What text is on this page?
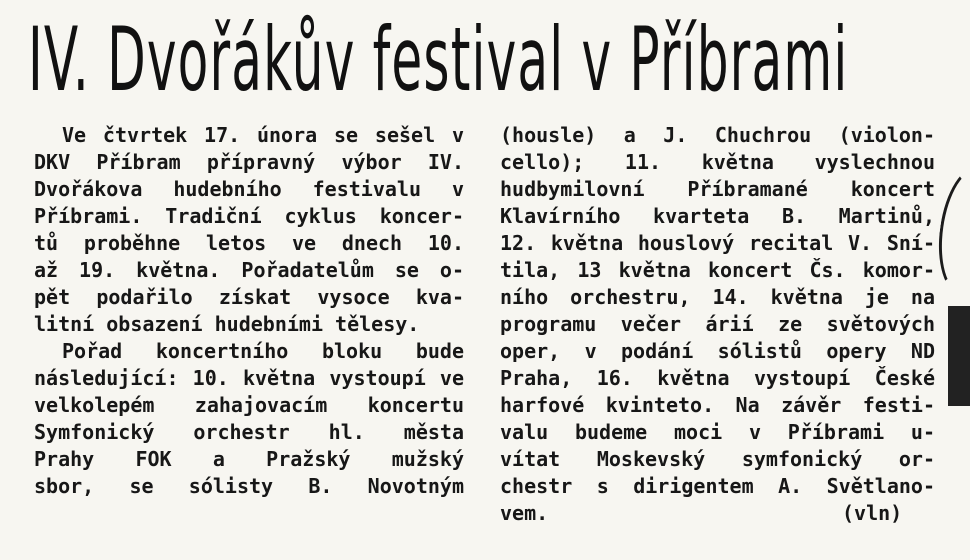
IV. Dvořákův festival v Příbrami
Ve čtvrtek 17. února se sešel v
DKV Příbram přípravný výbor IV.
Dvořákova hudebního festivalu v
Příbrami. Tradiční cyklus koncer-
tů proběhne letos ve dnech 10.
až 19. května. Pořadatelům se o-
pět podařilo získat vysoce kva-
litní obsazení hudebními tělesy.
Pořad koncertního bloku bude
následující: 10. května vystoupí ve
velkolepém zahajovacím koncertu
Symfonický orchestr hl. města
Prahy FOK a Pražský mužský
sbor, se sólisty B. Novotným
(housle) a J. Chuchrou (violon-
cello); 11. května vyslechnou
hudbymilovní Příbramané koncert
Klavírního kvarteta B. Martinů,
12. května houslový recital V. Sní-
tila, 13 května koncert Čs. komor-
ního orchestru, 14. května je na
programu večer árií ze světových
oper, v podání sólistů opery ND
Praha, 16. května vystoupí České
harfové kvinteto. Na závěr festi-
valu budeme moci v Příbrami u-
vítat Moskevský symfonický or-
chestr s dirigentem A. Světlano-
vem.	(vln)
